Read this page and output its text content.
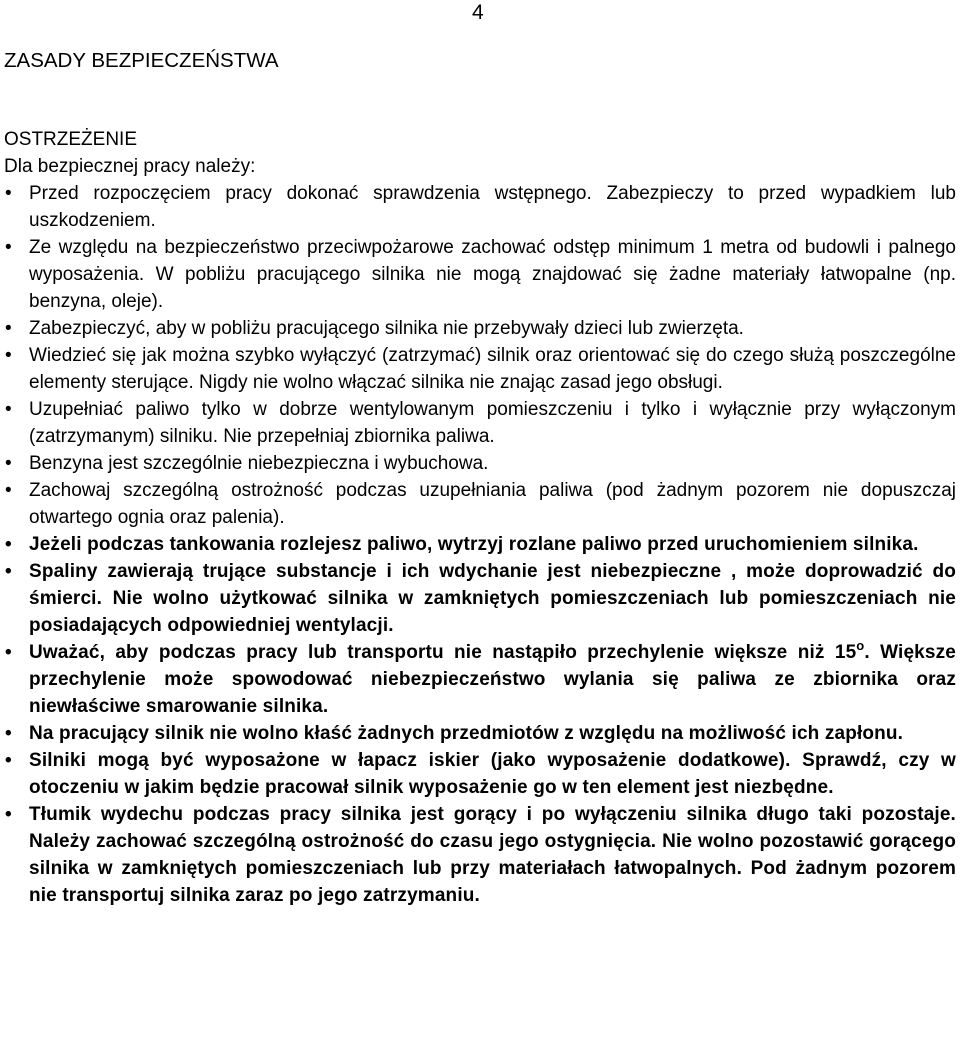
4
ZASADY BEZPIECZEŃSTWA

OSTRZEŻENIE

Dla bezpiecznej pracy należy:

• Przed rozpoczęciem pracy dokonać sprawdzenia wstępnego. Zabezpieczy to przed wypadkiem lub uszkodzeniem.
• Ze względu na bezpieczeństwo przeciwpożarowe zachować odstęp minimum 1 metra od budowli i palnego wyposażenia. W pobliżu pracującego silnika nie mogą znajdować się żadne materiały łatwopalne (np. benzyna, oleje).
• Zabezpieczyć, aby w pobliżu pracującego silnika nie przebywały dzieci lub zwierzęta.
• Wiedzieć się jak można szybko wyłączyć (zatrzymać) silnik oraz orientować się do czego służą poszczególne elementy sterujące. Nigdy nie wolno włączać silnika nie znając zasad jego obsługi.
• Uzupełniać paliwo tylko w dobrze wentylowanym pomieszczeniu i tylko i wyłącznie przy wyłączonym (zatrzymanym) silniku. Nie przepełniaj zbiornika paliwa.
• Benzyna jest szczególnie niebezpieczna i wybuchowa.
• Zachowaj szczególną ostrożność podczas uzupełniania paliwa (pod żadnym pozorem nie dopuszczaj otwartego ognia oraz palenia).
• Jeżeli podczas tankowania rozlejesz paliwo, wytrzyj rozlane paliwo przed uruchomieniem silnika.
• Spaliny zawierają trujące substancje i ich wdychanie jest niebezpieczne , może doprowadzić do śmierci. Nie wolno użytkować silnika w zamkniętych pomieszczeniach lub pomieszczeniach nie posiadających odpowiedniej wentylacji.
• Uważać, aby podczas pracy lub transportu nie nastąpiło przechylenie większe niż 15$^o$. Większe przechylenie może spowodować niebezpieczeństwo wylania się paliwa ze zbiornika oraz niewłaściwe smarowanie silnika.
• Na pracujący silnik nie wolno kłaść żadnych przedmiotów z względu na możliwość ich zapłonu.
• Silniki mogą być wyposażone w łapacz iskier (jako wyposażenie dodatkowe). Sprawdź, czy w otoczeniu w jakim będzie pracował silnik wyposażenie go w ten element jest niezbędne.
• Tłumik wydechu podczas pracy silnika jest gorący i po wyłączeniu silnika długo taki pozostaje. Należy zachować szczególną ostrożność do czasu jego ostygnięcia. Nie wolno pozostawić gorącego silnika w zamkniętych pomieszczeniach lub przy materiałach łatwopalnych. Pod żadnym pozorem nie transportuj silnika zaraz po jego zatrzymaniu.
